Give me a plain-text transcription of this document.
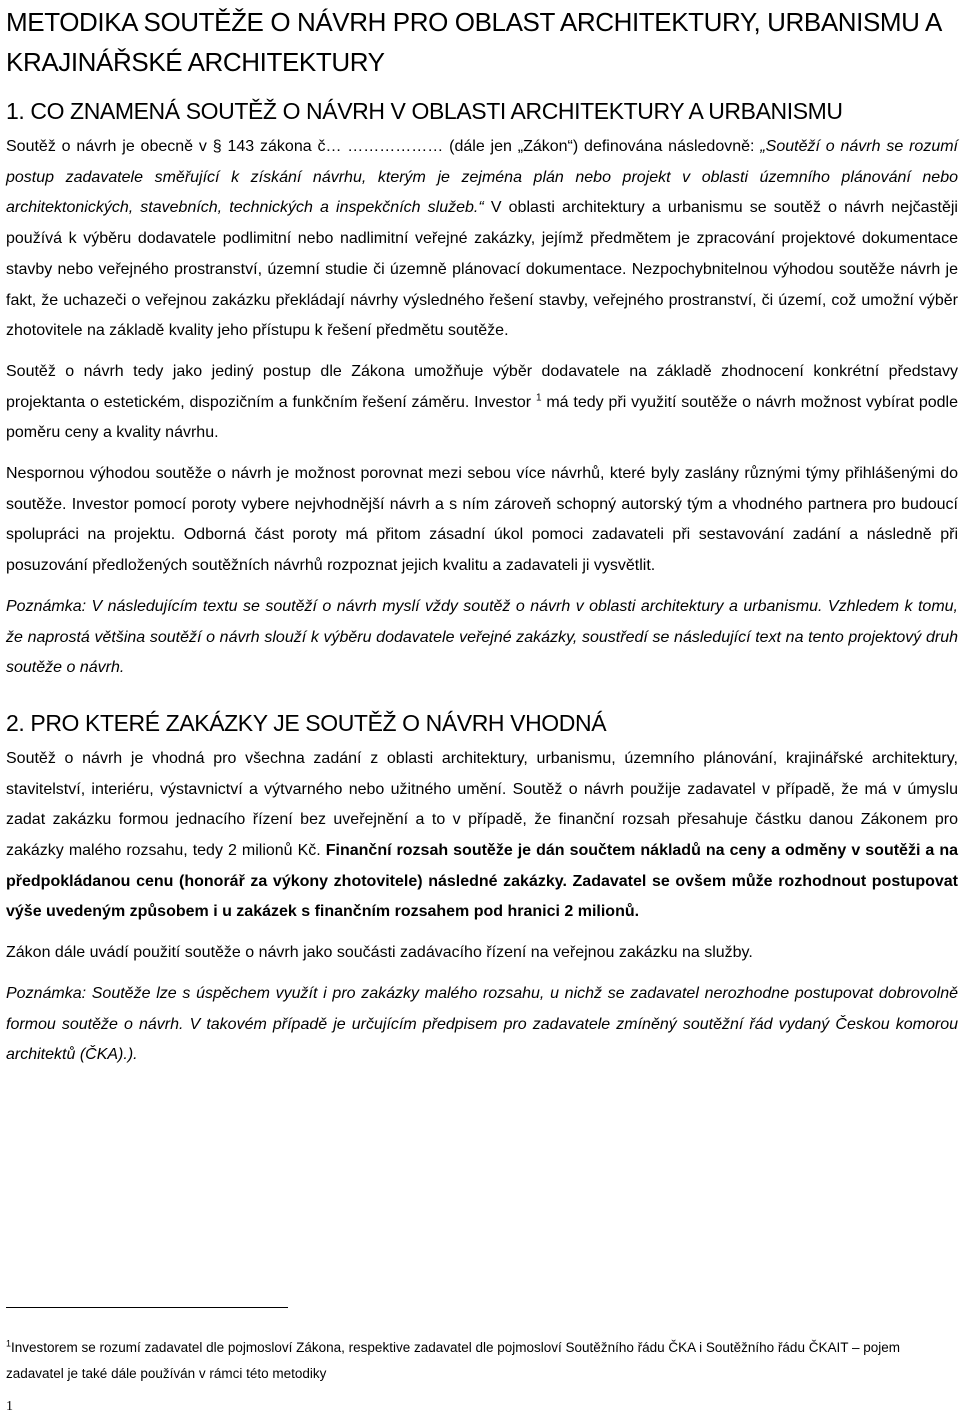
METODIKA SOUTĚŽE O NÁVRH PRO OBLAST ARCHITEKTURY, URBANISMU A KRAJINÁŘSKÉ ARCHITEKTURY
1. CO ZNAMENÁ SOUTĚŽ O NÁVRH V OBLASTI ARCHITEKTURY A URBANISMU

Soutěž o návrh je obecně v § 143 zákona č… ……………… (dále jen „Zákon“) definována následovně: „Soutěží o návrh se rozumí postup zadavatele směřující k získání návrhu, kterým je zejména plán nebo projekt v oblasti územního plánování nebo architektonických, stavebních, technických a inspekčních služeb.“ V oblasti architektury a urbanismu se soutěž o návrh nejčastěji používá k výběru dodavatele podlimitní nebo nadlimitní veřejné zakázky, jejímž předmětem je zpracování projektové dokumentace stavby nebo veřejného prostranství, územní studie či územně plánovací dokumentace. Nezpochybnitelnou výhodou soutěže návrh je fakt, že uchazeči o veřejnou zakázku překládají návrhy výsledného řešení stavby, veřejného prostranství, či území, což umožní výběr zhotovitele na základě kvality jeho přístupu k řešení předmětu soutěže.

Soutěž o návrh tedy jako jediný postup dle Zákona umožňuje výběr dodavatele na základě zhodnocení konkrétní představy projektanta o estetickém, dispozičním a funkčním řešení záměru. Investor $^1$ má tedy při využití soutěže o návrh možnost vybírat podle poměru ceny a kvality návrhu.

Nespornou výhodou soutěže o návrh je možnost porovnat mezi sebou více návrhů, které byly zaslány různými týmy přihlášenými do soutěže. Investor pomocí poroty vybere nejvhodnější návrh a s ním zároveň schopný autorský tým a vhodného partnera pro budoucí spolupráci na projektu. Odborná část poroty má přitom zásadní úkol pomoci zadavateli při sestavování zadání a následně při posuzování předložených soutěžních návrhů rozpoznat jejich kvalitu a zadavateli ji vysvětlit.

Poznámka: V následujícím textu se soutěží o návrh myslí vždy soutěž o návrh v oblasti architektury a urbanismu. Vzhledem k tomu, že naprostá většina soutěží o návrh slouží k výběru dodavatele veřejné zakázky, soustředí se následující text na tento projektový druh soutěže o návrh.

2. PRO KTERÉ ZAKÁZKY JE SOUTĚŽ O NÁVRH VHODNÁ

Soutěž o návrh je vhodná pro všechna zadání z oblasti architektury, urbanismu, územního plánování, krajinářské architektury, stavitelství, interiéru, výstavnictví a výtvarného nebo užitného umění. Soutěž o návrh použije zadavatel v případě, že má v úmyslu zadat zakázku formou jednacího řízení bez uveřejnění a to v případě, že finanční rozsah přesahuje částku danou Zákonem pro zakázky malého rozsahu, tedy 2 milionů Kč. Finanční rozsah soutěže je dán součtem nákladů na ceny a odměny v soutěži a na předpokládanou cenu (honorář za výkony zhotovitele) následné zakázky. Zadavatel se ovšem může rozhodnout postupovat výše uvedeným způsobem i u zakázek s finančním rozsahem pod hranici 2 milionů.

Zákon dále uvádí použití soutěže o návrh jako součásti zadávacího řízení na veřejnou zakázku na služby.

Poznámka: Soutěže lze s úspěchem využít i pro zakázky malého rozsahu, u nichž se zadavatel nerozhodne postupovat dobrovolně formou soutěže o návrh. V takovém případě je určujícím předpisem pro zadavatele zmíněný soutěžní řád vydaný Českou komorou architektů (ČKA).).

$^1$Investorem se rozumí zadavatel dle pojmosloví Zákona, respektive zadavatel dle pojmosloví Soutěžního řádu ČKA i Soutěžního řádu ČKAIT – pojem zadavatel je také dále používán v rámci této metodiky

1
